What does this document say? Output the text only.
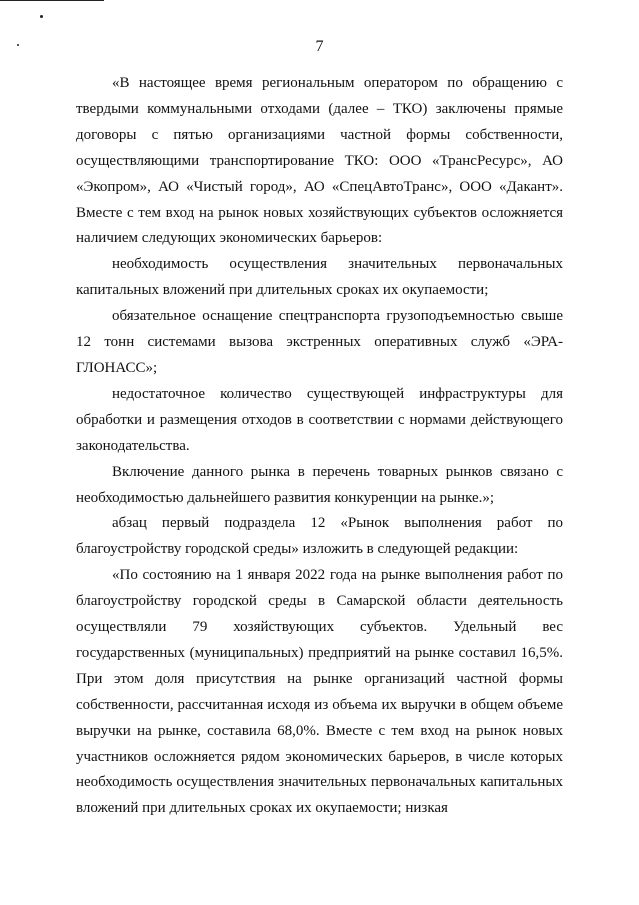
7

«В настоящее время региональным оператором по обращению с твердыми коммунальными отходами (далее – ТКО) заключены прямые договоры с пятью организациями частной формы собственности, осуществляющими транспортирование ТКО: ООО «ТрансРесурс», АО «Экопром», АО «Чистый город», АО «СпецАвтоТранс», ООО «Дакант». Вместе с тем вход на рынок новых хозяйствующих субъектов осложняется наличием следующих экономических барьеров:

необходимость осуществления значительных первоначальных капитальных вложений при длительных сроках их окупаемости;

обязательное оснащение спецтранспорта грузоподъемностью свыше 12 тонн системами вызова экстренных оперативных служб «ЭРА-ГЛОНАСС»;

недостаточное количество существующей инфраструктуры для обработки и размещения отходов в соответствии с нормами действующего законодательства.

Включение данного рынка в перечень товарных рынков связано с необходимостью дальнейшего развития конкуренции на рынке.»;

абзац первый подраздела 12 «Рынок выполнения работ по благоустройству городской среды» изложить в следующей редакции:

«По состоянию на 1 января 2022 года на рынке выполнения работ по благоустройству городской среды в Самарской области деятельность осуществляли 79 хозяйствующих субъектов. Удельный вес государственных (муниципальных) предприятий на рынке составил 16,5%. При этом доля присутствия на рынке организаций частной формы собственности, рассчитанная исходя из объема их выручки в общем объеме выручки на рынке, составила 68,0%. Вместе с тем вход на рынок новых участников осложняется рядом экономических барьеров, в числе которых необходимость осуществления значительных первоначальных капитальных вложений при длительных сроках их окупаемости; низкая
